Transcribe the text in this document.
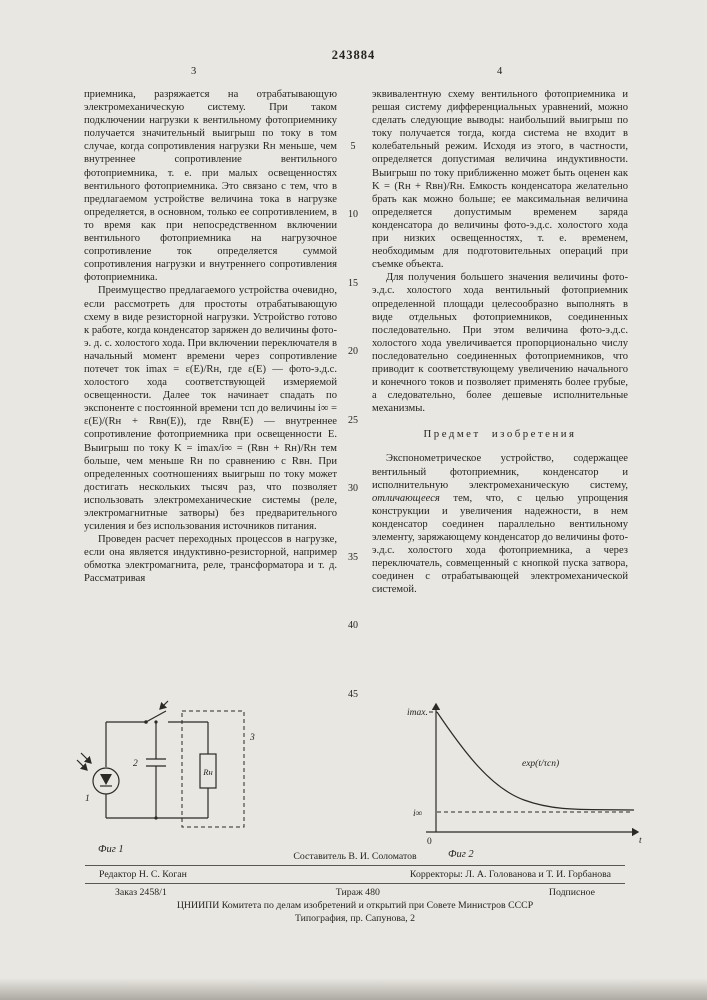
243884
3	4

приемника, разряжается на отрабатывающую электромеханическую систему. При таком подключении нагрузки к вентильному фотоприемнику получается значительный выигрыш по току в том случае, когда сопротивления нагрузки Rн меньше, чем внутреннее сопротивление вентильного фотоприемника, т. е. при малых освещенностях вентильного фотоприемника. Это связано с тем, что в предлагаемом устройстве величина тока в нагрузке определяется, в основном, только ее сопротивлением, в то время как при непосредственном включении вентильного фотоприемника на нагрузочное сопротивление ток определяется суммой сопротивления нагрузки и внутреннего сопротивления фотоприемника.

Преимущество предлагаемого устройства очевидно, если рассмотреть для простоты отрабатывающую схему в виде резисторной нагрузки. Устройство готово к работе, когда конденсатор заряжен до величины фото-э. д. с. холостого хода. При включении переключателя в начальный момент времени через сопротивление потечет ток imax = ε(E)/Rн, где ε(E) — фото-э.д.с. холостого хода соответствующей измеряемой освещенности. Далее ток начинает спадать по экспоненте с постоянной времени τсп до величины i∞ = ε(E)/(Rн + Rвн(E)), где Rвн(E) — внутреннее сопротивление фотоприемника при освещенности E. Выигрыш по току K = imax/i∞ = (Rвн + Rн)/Rн тем больше, чем меньше Rн по сравнению с Rвн. При определенных соотношениях выигрыш по току может достигать нескольких тысяч раз, что позволяет использовать электромеханические системы (реле, электромагнитные затворы) без предварительного усиления и без использования источников питания.

Проведен расчет переходных процессов в нагрузке, если она является индуктивно-резисторной, например обмотка электромагнита, реле, трансформатора и т. д. Рассматривая

5
10
15
20
25
30
35
40
45

эквивалентную схему вентильного фотоприемника и решая систему дифференциальных уравнений, можно сделать следующие выводы: наибольший выигрыш по току получается тогда, когда система не входит в колебательный режим. Исходя из этого, в частности, определяется допустимая величина индуктивности. Выигрыш по току приближенно может быть оценен как K = (Rн + Rвн)/Rн. Емкость конденсатора желательно брать как можно больше; ее максимальная величина определяется допустимым временем заряда конденсатора до величины фото-э.д.с. холостого хода при низких освещенностях, т. е. временем, необходимым для подготовительных операций при съемке объекта.

Для получения большего значения величины фото-э.д.с. холостого хода вентильный фотоприемник определенной площади целесообразно выполнять в виде отдельных фотоприемников, соединенных последовательно. При этом величина фото-э.д.с. холостого хода увеличивается пропорционально числу последовательно соединенных фотоприемников, что приводит к соответствующему увеличению начального и конечного токов и позволяет применять более грубые, а следовательно, более дешевые исполнительные механизмы.

Предмет изобретения

Экспонометрическое устройство, содержащее вентильный фотоприемник, конденсатор и исполнительную электромеханическую систему, отличающееся тем, что, с целью упрощения конструкции и увеличения надежности, в нем конденсатор соединен параллельно вентильному элементу, заряжающему конденсатор до величины фото-э.д.с. холостого хода фотоприемника, а через переключатель, совмещенный с кнопкой пуска затвора, соединен с отрабатывающей электромеханической системой.

1
2
Rн
3
Фиг 1
imax.
i∞
exp(t/τсп)
0	t
Фиг 2
Составитель В. И. Соломатов
Редактор Н. С. Коган	Корректоры: Л. А. Голованова и Т. И. Горбанова
Заказ 2458/1	Тираж 480	Подписное
ЦНИИПИ Комитета по делам изобретений и открытий при Совете Министров СССР
Типография, пр. Сапунова, 2
